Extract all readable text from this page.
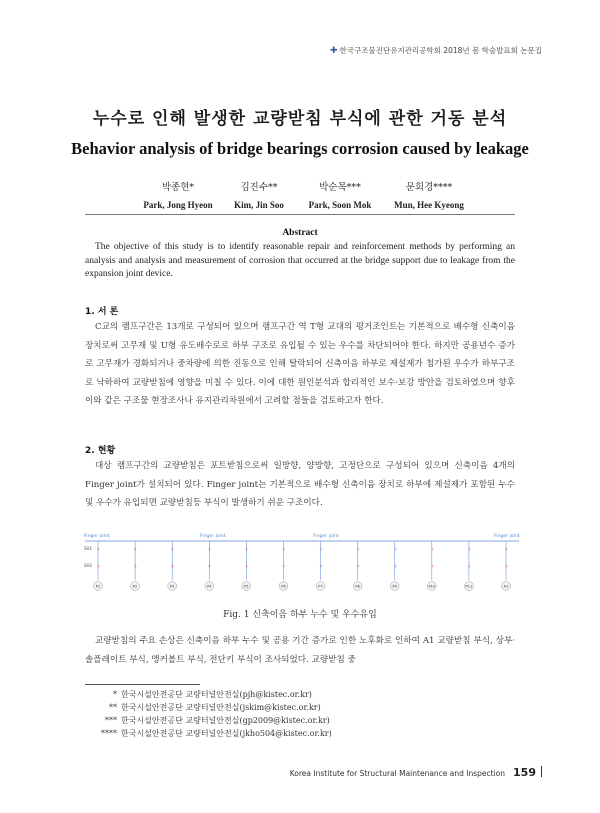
✚ 한국구조물진단유지관리공학회 2018년 봄 학술발표회 논문집
누수로 인해 발생한 교량받침 부식에 관한 거동 분석
Behavior analysis of bridge bearings corrosion caused by leakage
박종현*
Park, Jong Hyeon
김진수**
Kim, Jin Soo
박순목***
Park, Soon Mok
문희경****
Mun, Hee Kyeong
Abstract
The objective of this study is to identify reasonable repair and reinforcement methods by performing an analysis and analysis and measurement of corrosion that occurred at the bridge support due to leakage from the expansion joint device.
1. 서 론
C교의 램프구간은 13개로 구성되어 있으며 램프구간 역 T형 교대의 평거조인트는 기본적으로 배수형 신축이음장치로써 고무재 및 U형 유도배수로로 하부 구조로 유입될 수 있는 우수를 차단되어야 한다. 하지만 공용년수 증가로 고무재가 경화되거나 중차량에 의한 진동으로 인해 탈락되어 신축이음 하부로 제설제가 첨가된 우수가 하부구조로 낙하하여 교량받침에 영향을 미칠 수 있다. 이에 대한 원인분석과 합리적인 보수·보강 방안을 검토하였으며 향후 이와 같은 구조물 현장조사나 유지관리차원에서 고려할 점들을 검토하고자 한다.
2. 현황
대상 램프구간의 교량받침은 포트받침으로써 일방향, 양방향, 고정단으로 구성되어 있으며 신축이음 4개의 Finger joint가 설치되어 있다. Finger joint는 기본적으로 배수형 신축이음 장치로 하부에 제설제가 포함된 누수 및 우수가 유입되면 교량받침등 부식이 발생하기 쉬운 구조이다.
Finger joint	Finger joint	Finger joint	Finger joint
+
+
P1
+
+
P2
+
+
P3
+
+
P4
+
+
P5
+
+
P6
+
+
P7
+
+
P8
+
+
P9
+
+
P10
+
+
P11
+
+
A1
SH1
SH2
Fig. 1 신축이음 하부 누수 및 우수유입
교량받침의 주요 손상은 신축이음 하부 누수 및 공용 기간 증가로 인한 노후화로 인하여 A1 교량받침 부식, 상부·솔플레이트 부식, 앵커볼트 부식, 전단키 부식이 조사되었다. 교량받침 중
* 한국시설안전공단 교량터널안전실(pjh@kistec.or.kr)
** 한국시설안전공단 교량터널안전실(jskim@kistec.or.kr)
*** 한국시설안전공단 교량터널안전실(gp2009@kistec.or.kr)
**** 한국시설안전공단 교량터널안전실(jkho504@kistec.or.kr)
Korea Institute for Structural Maintenance and Inspection 159
